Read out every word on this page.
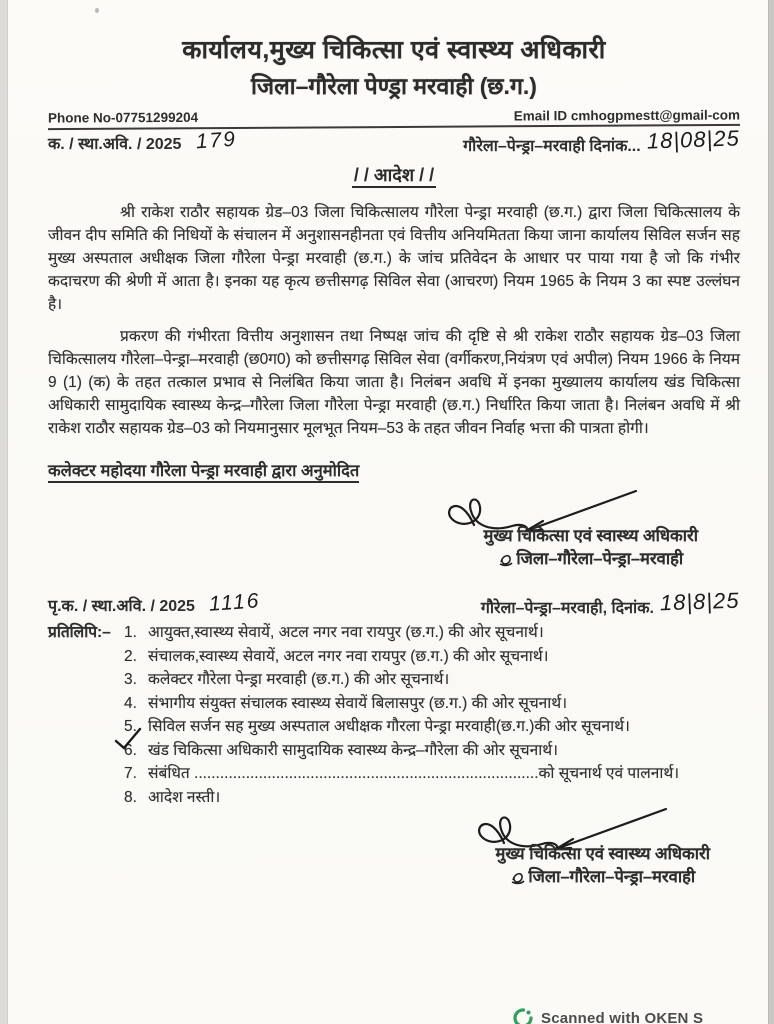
कार्यालय,मुख्य चिकित्सा एवं स्वास्थ्य अधिकारी
जिला–गौरेला पेण्ड्रा मरवाही (छ.ग.)
Phone No-07751299204	Email ID cmhogpmestt@gmail-com
क. / स्था.अवि. / 2025 179	गौरेला–पेन्ड्रा–मरवाही दिनांक... 18|08|25
/ / आदेश / /
श्री राकेश राठौर सहायक ग्रेड–03 जिला चिकित्सालय गौरेला पेन्ड्रा मरवाही (छ.ग.) द्वारा जिला चिकित्सालय के जीवन दीप समिति की निधियों के संचालन में अनुशासनहीनता एवं वित्तीय अनियमितता किया जाना कार्यालय सिविल सर्जन सह मुख्य अस्पताल अधीक्षक जिला गौरेला पेन्ड्रा मरवाही (छ.ग.) के जांच प्रतिवेदन के आधार पर पाया गया है जो कि गंभीर कदाचरण की श्रेणी में आता है। इनका यह कृत्य छत्तीसगढ़ सिविल सेवा (आचरण) नियम 1965 के नियम 3 का स्पष्ट उल्लंघन है।
प्रकरण की गंभीरता वित्तीय अनुशासन तथा निष्पक्ष जांच की दृष्टि से श्री राकेश राठौर सहायक ग्रेड–03 जिला चिकित्सालय गौरेला–पेन्ड्रा–मरवाही (छ0ग0) को छत्तीसगढ़ सिविल सेवा (वर्गीकरण,नियंत्रण एवं अपील) नियम 1966 के नियम 9 (1) (क) के तहत तत्काल प्रभाव से निलंबित किया जाता है। निलंबन अवधि में इनका मुख्यालय कार्यालय खंड चिकित्सा अधिकारी सामुदायिक स्वास्थ्य केन्द्र–गौरेला जिला गौरेला पेन्ड्रा मरवाही (छ.ग.) निर्धारित किया जाता है। निलंबन अवधि में श्री राकेश राठौर सहायक ग्रेड–03 को नियमानुसार मूलभूत नियम–53 के तहत जीवन निर्वाह भत्ता की पात्रता होगी।
कलेक्टर महोदया गौरेला पेन्ड्रा मरवाही द्वारा अनुमोदित
मुख्य चिकित्सा एवं स्वास्थ्य अधिकारी
जिला–गौरेला–पेन्ड्रा–मरवाही
पृ.क. / स्था.अवि. / 2025 1116	गौरेला–पेन्ड्रा–मरवाही, दिनांक. 18|8|25
प्रतिलिपि:– 1. आयुक्त,स्वास्थ्य सेवायें, अटल नगर नवा रायपुर (छ.ग.) की ओर सूचनार्थ।
2. संचालक,स्वास्थ्य सेवायें, अटल नगर नवा रायपुर (छ.ग.) की ओर सूचनार्थ।
3. कलेक्टर गौरेला पेन्ड्रा मरवाही (छ.ग.) की ओर सूचनार्थ।
4. संभागीय संयुक्त संचालक स्वास्थ्य सेवायें बिलासपुर (छ.ग.) की ओर सूचनार्थ।
5. सिविल सर्जन सह मुख्य अस्पताल अधीक्षक गौरला पेन्ड्रा मरवाही(छ.ग.)की ओर सूचनार्थ।
6. खंड चिकित्सा अधिकारी सामुदायिक स्वास्थ्य केन्द्र–गौरेला की ओर सूचनार्थ।
7. संबंधित ................................................................................को सूचनार्थ एवं पालनार्थ।
8. आदेश नस्ती।
मुख्य चिकित्सा एवं स्वास्थ्य अधिकारी
जिला–गौरेला–पेन्ड्रा–मरवाही
Scanned with OKEN S
